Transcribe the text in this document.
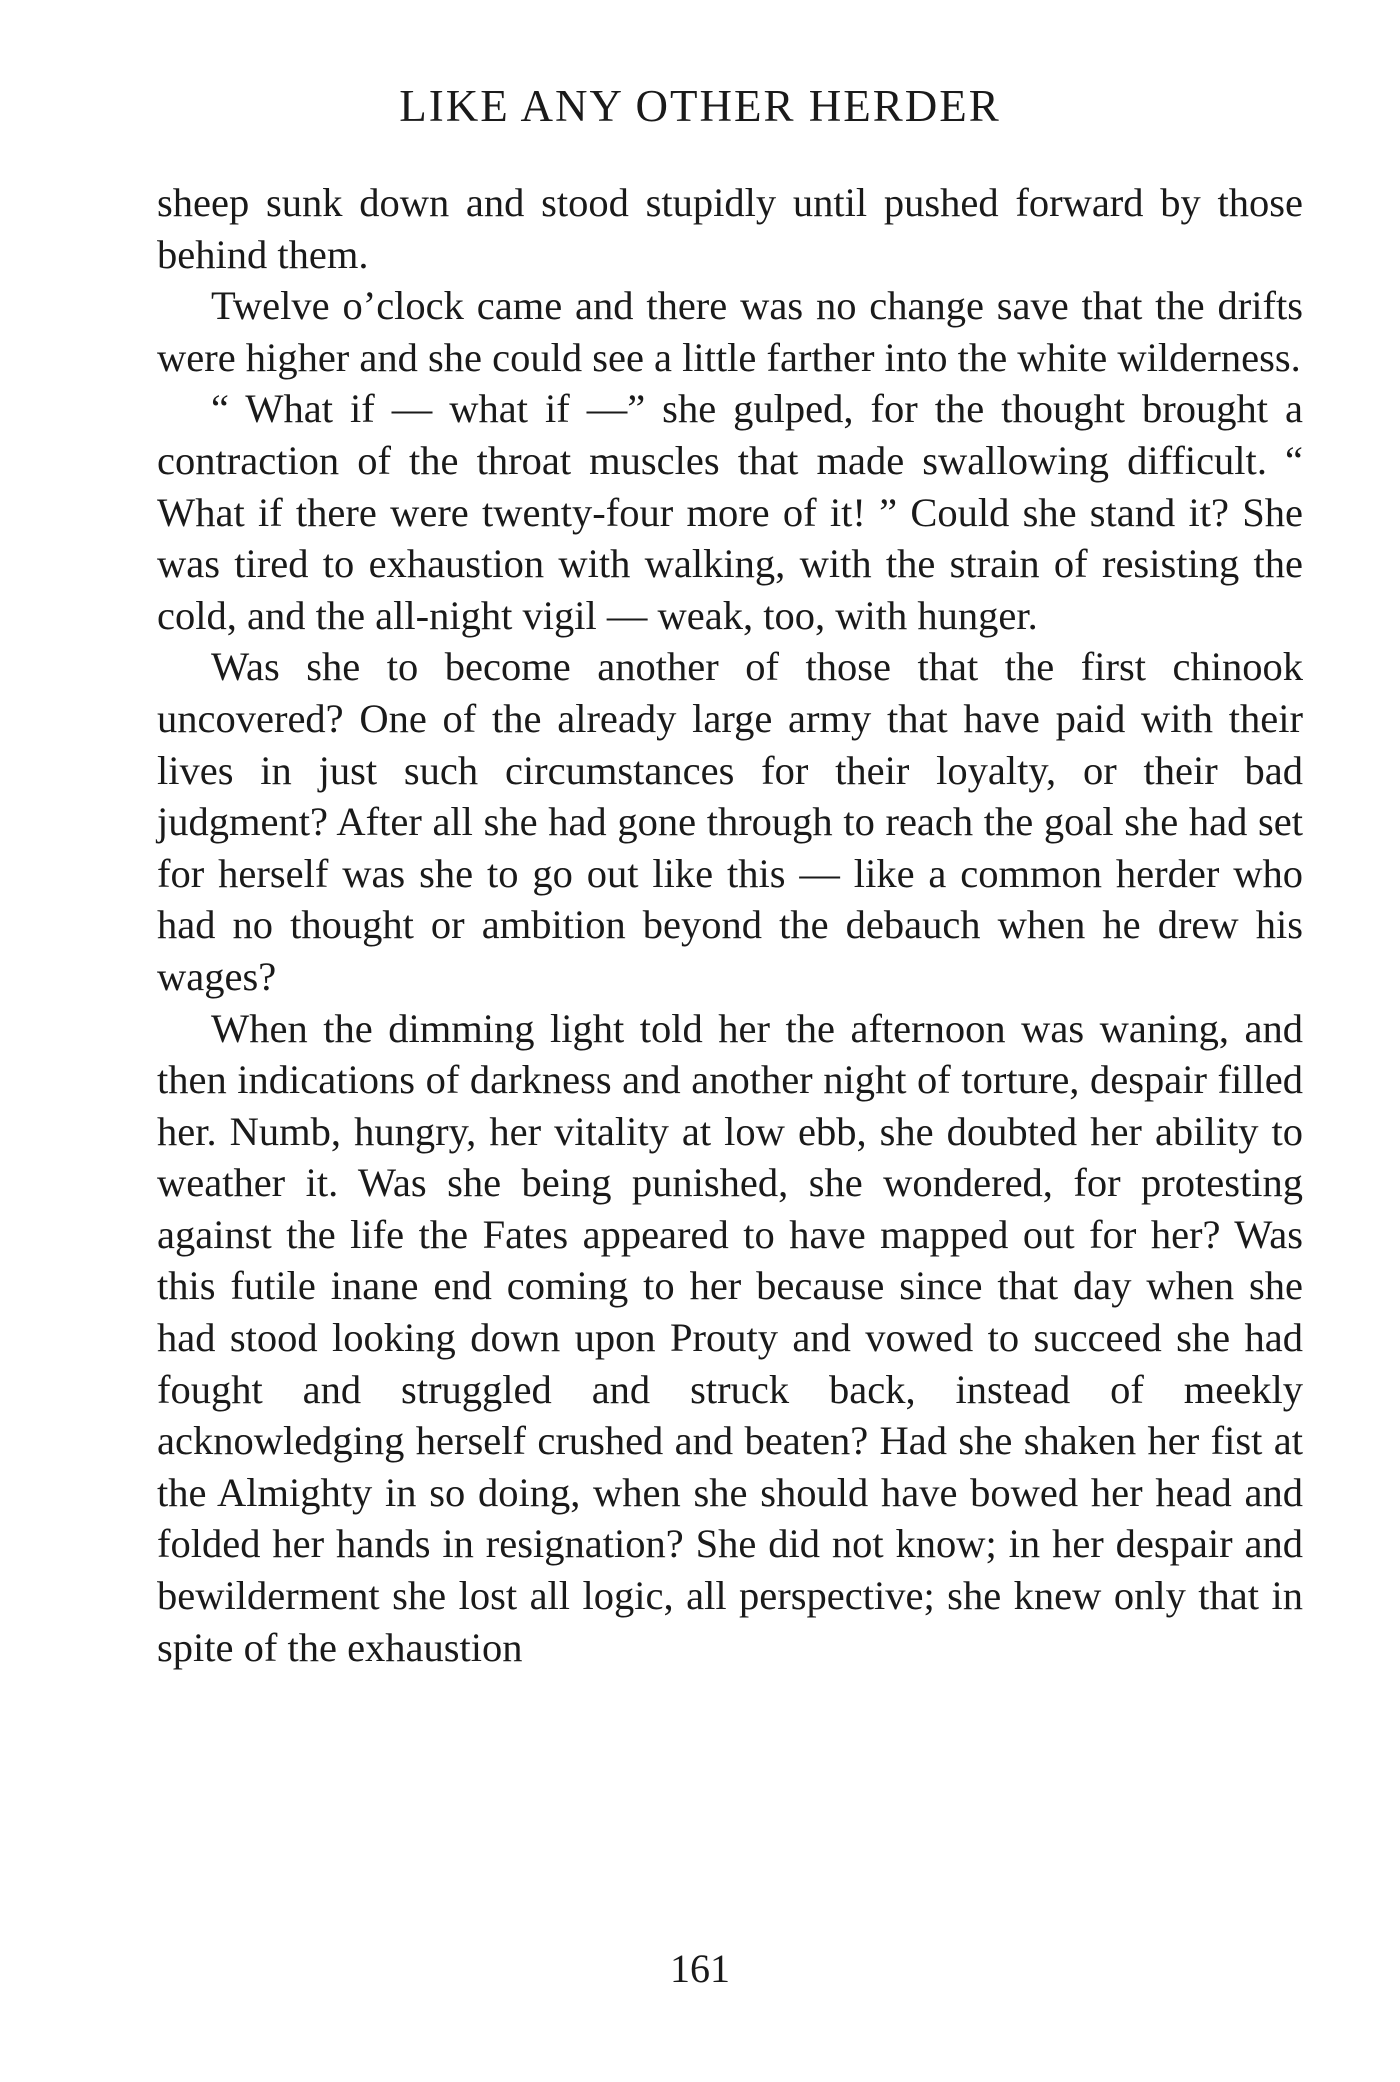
LIKE ANY OTHER HERDER

sheep sunk down and stood stupidly until pushed forward by those behind them.

Twelve o’clock came and there was no change save that the drifts were higher and she could see a little farther into the white wilderness.

“ What if — what if —” she gulped, for the thought brought a contraction of the throat muscles that made swallowing difficult. “ What if there were twenty-four more of it! ” Could she stand it? She was tired to exhaustion with walking, with the strain of resisting the cold, and the all-night vigil — weak, too, with hunger.

Was she to become another of those that the first chinook uncovered? One of the already large army that have paid with their lives in just such circumstances for their loyalty, or their bad judgment? After all she had gone through to reach the goal she had set for herself was she to go out like this — like a common herder who had no thought or ambition beyond the debauch when he drew his wages?

When the dimming light told her the afternoon was waning, and then indications of darkness and another night of torture, despair filled her. Numb, hungry, her vitality at low ebb, she doubted her ability to weather it. Was she being punished, she wondered, for protesting against the life the Fates appeared to have mapped out for her? Was this futile inane end coming to her because since that day when she had stood looking down upon Prouty and vowed to succeed she had fought and struggled and struck back, instead of meekly acknowledging herself crushed and beaten? Had she shaken her fist at the Almighty in so doing, when she should have bowed her head and folded her hands in resignation? She did not know; in her despair and bewilderment she lost all logic, all perspective; she knew only that in spite of the exhaustion

161
